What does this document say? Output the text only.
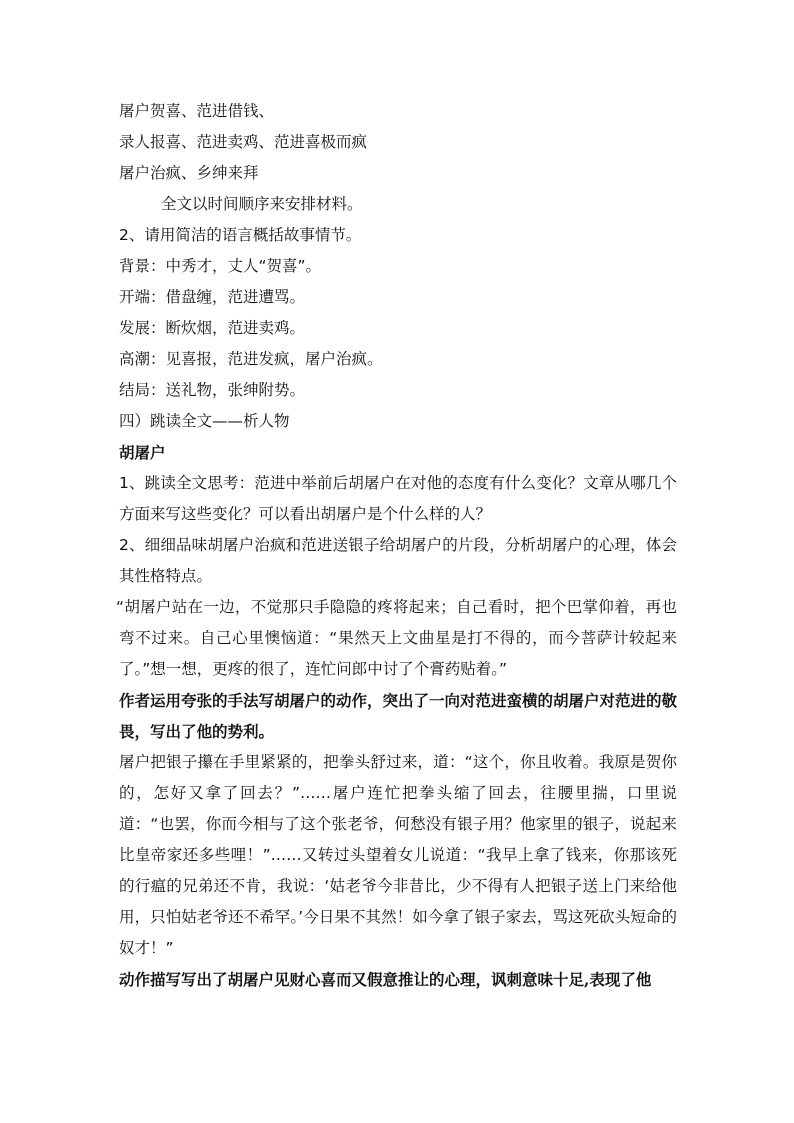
屠户贺喜、范进借钱、
录人报喜、范进卖鸡、范进喜极而疯
屠户治疯、乡绅来拜
全文以时间顺序来安排材料。
2、请用简洁的语言概括故事情节。
背景：中秀才，丈人“贺喜”。
开端：借盘缠，范进遭骂。
发展：断炊烟，范进卖鸡。
高潮：见喜报，范进发疯，屠户治疯。
结局：送礼物，张绅附势。
四）跳读全文——析人物
胡屠户
1、跳读全文思考：范进中举前后胡屠户在对他的态度有什么变化？文章从哪几个方面来写这些变化？可以看出胡屠户是个什么样的人？
2、细细品味胡屠户治疯和范进送银子给胡屠户的片段，分析胡屠户的心理，体会其性格特点。
“胡屠户站在一边，不觉那只手隐隐的疼将起来；自己看时，把个巴掌仰着，再也弯不过来。自己心里懊恼道：“果然天上文曲星是打不得的，而今菩萨计较起来了。”想一想，更疼的很了，连忙问郎中讨了个膏药贴着。”
作者运用夸张的手法写胡屠户的动作，突出了一向对范进蛮横的胡屠户对范进的敬畏，写出了他的势利。
屠户把银子攥在手里紧紧的，把拳头舒过来，道：“这个，你且收着。我原是贺你的，怎好又拿了回去？”……屠户连忙把拳头缩了回去，往腰里揣，口里说道：“也罢，你而今相与了这个张老爷，何愁没有银子用？他家里的银子，说起来比皇帝家还多些哩！”……又转过头望着女儿说道：“我早上拿了钱来，你那该死的行瘟的兄弟还不肯，我说：‘姑老爷今非昔比，少不得有人把银子送上门来给他用，只怕姑老爷还不希罕。’今日果不其然！如今拿了银子家去，骂这死砍头短命的奴才！”
动作描写写出了胡屠户见财心喜而又假意推让的心理，讽刺意味十足,表现了他
